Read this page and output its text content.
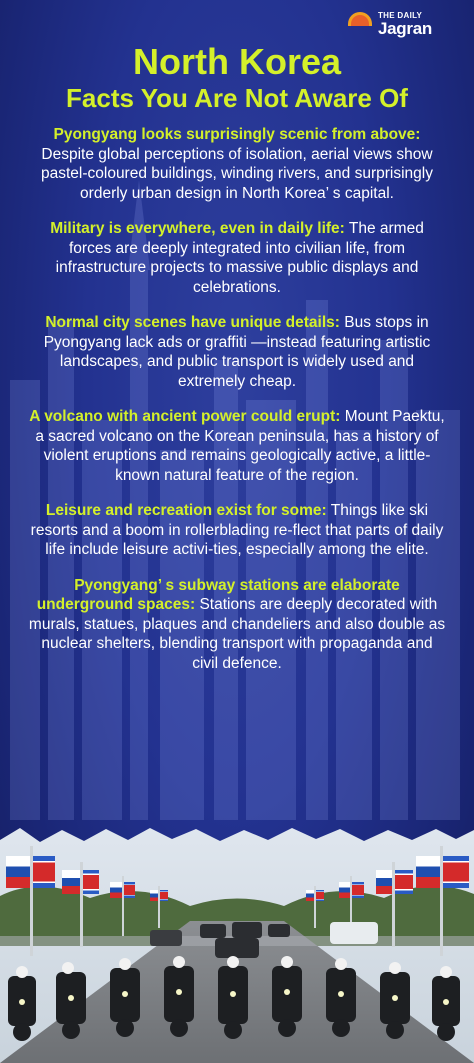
THE DAILY
Jagran
North Korea
Facts You Are Not Aware Of

Pyongyang looks surprisingly scenic from above: Despite global perceptions of isolation, aerial views show pastel-coloured buildings, winding rivers, and surprisingly orderly urban design in North Korea’ s capital.

Military is everywhere, even in daily life: The armed forces are deeply integrated into civilian life, from infrastructure projects to massive public displays and celebrations.

Normal city scenes have unique details: Bus stops in Pyongyang lack ads or graffiti —instead featuring artistic landscapes, and public transport is widely used and extremely cheap.

A volcano with ancient power could erupt: Mount Paektu, a sacred volcano on the Korean peninsula, has a history of violent eruptions and remains geologically active, a little-known natural feature of the region.

Leisure and recreation exist for some: Things like ski resorts and a boom in rollerblading re-flect that parts of daily life include leisure activi-ties, especially among the elite.

Pyongyang’ s subway stations are elaborate underground spaces: Stations are deeply decorated with murals, statues, plaques and chandeliers and also double as nuclear shelters, blending transport with propaganda and civil defence.
